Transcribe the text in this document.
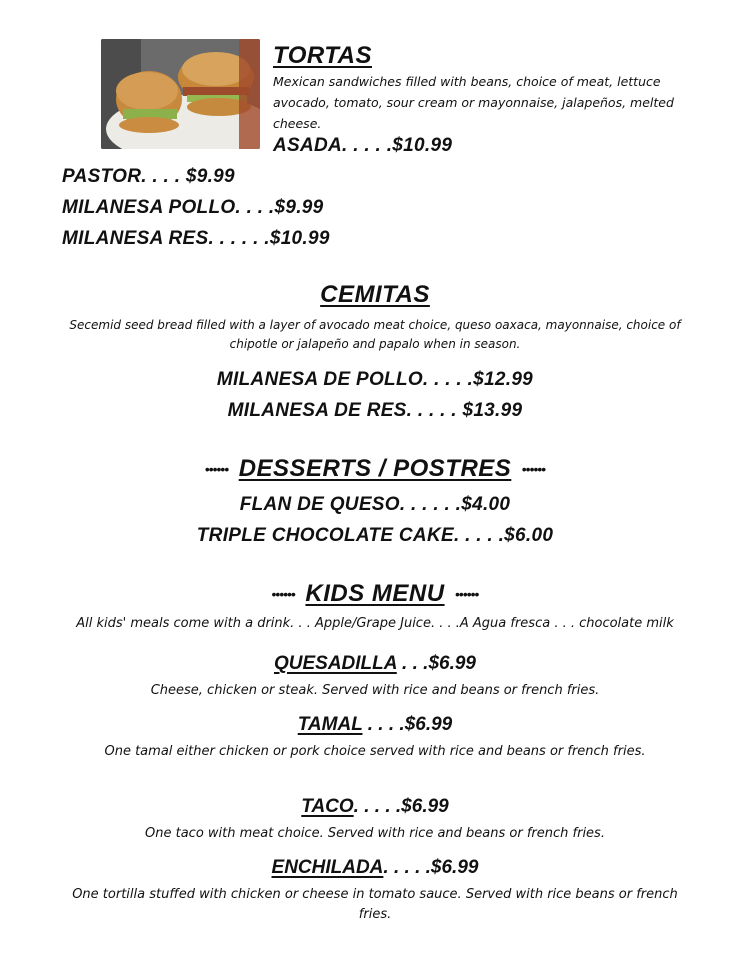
TORTAS
Mexican sandwiches filled with beans, choice of meat, lettuce avocado, tomato, sour cream or mayonnaise, jalapeños, melted cheese.
ASADA. . . . .$10.99
PASTOR. . . . $9.99
MILANESA POLLO. . . .$9.99
MILANESA RES. . . . . .$10.99
CEMITAS
Secemid seed bread filled with a layer of avocado meat choice, queso oaxaca, mayonnaise, choice of chipotle or jalapeño and papalo when in season.
MILANESA DE POLLO. . . . .$12.99
MILANESA DE RES. . . . . $13.99
•••••• DESSERTS / POSTRES ••••••
FLAN DE QUESO. . . . . .$4.00
TRIPLE CHOCOLATE CAKE. . . . .$6.00
•••••• KIDS MENU ••••••
All kids' meals come with a drink. . . Apple/Grape Juice. . . .A Agua fresca . . . chocolate milk
QUESADILLA . . .$6.99
Cheese, chicken or steak. Served with rice and beans or french fries.
TAMAL . . . .$6.99
One tamal either chicken or pork choice served with rice and beans or french fries.
TACO. . . . .$6.99
One taco with meat choice. Served with rice and beans or french fries.
ENCHILADA. . . . .$6.99
One tortilla stuffed with chicken or cheese in tomato sauce. Served with rice beans or french fries.
